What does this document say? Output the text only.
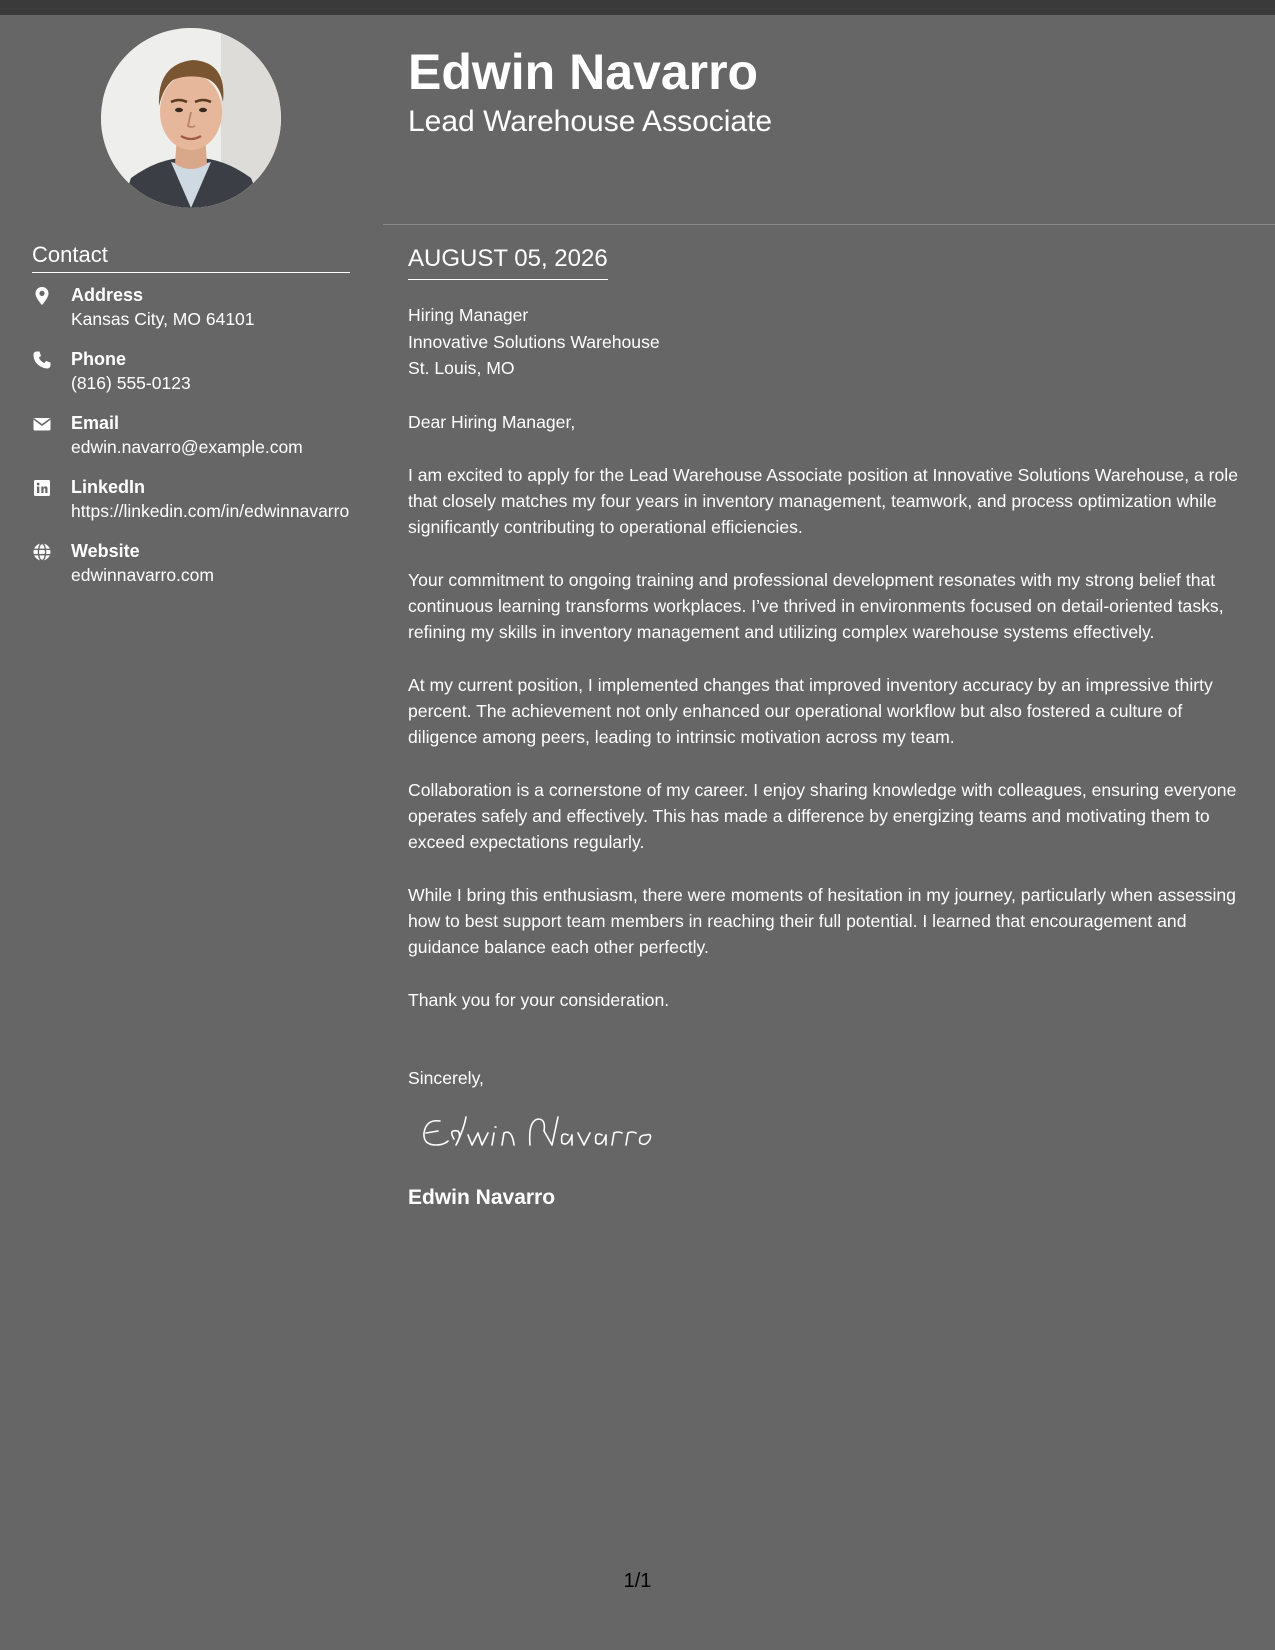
Edwin Navarro
Lead Warehouse Associate
Contact
Address
Kansas City, MO 64101
Phone
(816) 555-0123
Email
edwin.navarro@example.com
LinkedIn
https://linkedin.com/in/edwinnavarro
Website
edwinnavarro.com
AUGUST 05, 2026
Hiring Manager
Innovative Solutions Warehouse
St. Louis, MO
Dear Hiring Manager,
I am excited to apply for the Lead Warehouse Associate position at Innovative Solutions Warehouse, a role that closely matches my four years in inventory management, teamwork, and process optimization while significantly contributing to operational efficiencies.
Your commitment to ongoing training and professional development resonates with my strong belief that continuous learning transforms workplaces. I’ve thrived in environments focused on detail-oriented tasks, refining my skills in inventory management and utilizing complex warehouse systems effectively.
At my current position, I implemented changes that improved inventory accuracy by an impressive thirty percent. The achievement not only enhanced our operational workflow but also fostered a culture of diligence among peers, leading to intrinsic motivation across my team.
Collaboration is a cornerstone of my career. I enjoy sharing knowledge with colleagues, ensuring everyone operates safely and effectively. This has made a difference by energizing teams and motivating them to exceed expectations regularly.
While I bring this enthusiasm, there were moments of hesitation in my journey, particularly when assessing how to best support team members in reaching their full potential. I learned that encouragement and guidance balance each other perfectly.
Thank you for your consideration.
Sincerely,
Edwin Navarro
1/1
